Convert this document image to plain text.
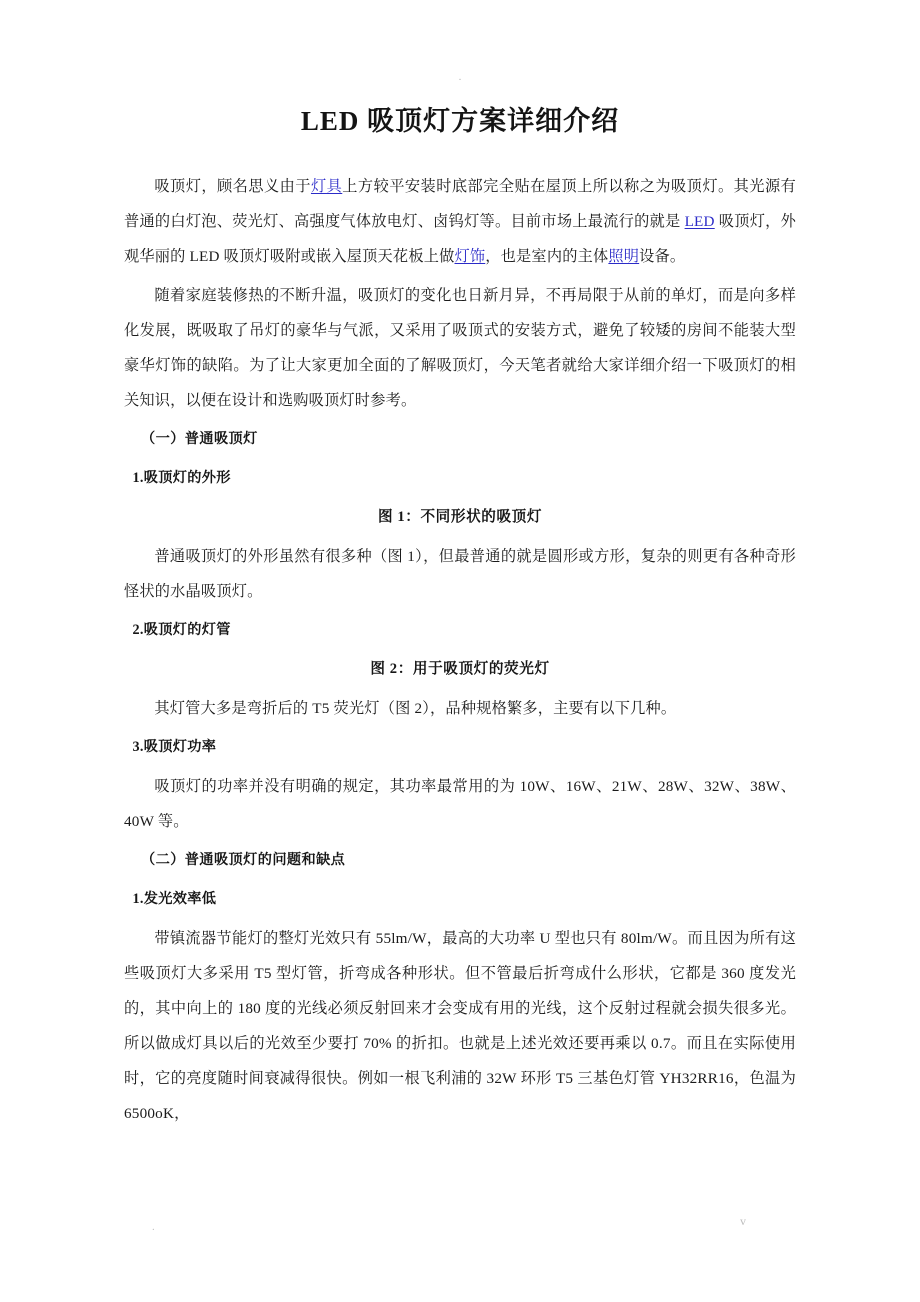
.
LED 吸顶灯方案详细介绍

吸顶灯，顾名思义由于灯具上方较平安装时底部完全贴在屋顶上所以称之为吸顶灯。其光源有普通的白灯泡、荧光灯、高强度气体放电灯、卤钨灯等。目前市场上最流行的就是 LED 吸顶灯，外观华丽的 LED 吸顶灯吸附或嵌入屋顶天花板上做灯饰，也是室内的主体照明设备。

随着家庭装修热的不断升温，吸顶灯的变化也日新月异，不再局限于从前的单灯，而是向多样化发展，既吸取了吊灯的豪华与气派，又采用了吸顶式的安装方式，避免了较矮的房间不能装大型豪华灯饰的缺陷。为了让大家更加全面的了解吸顶灯，今天笔者就给大家详细介绍一下吸顶灯的相关知识，以便在设计和选购吸顶灯时参考。

（一）普通吸顶灯

1.吸顶灯的外形

图 1：不同形状的吸顶灯

普通吸顶灯的外形虽然有很多种（图 1），但最普通的就是圆形或方形，复杂的则更有各种奇形怪状的水晶吸顶灯。

2.吸顶灯的灯管

图 2：用于吸顶灯的荧光灯

其灯管大多是弯折后的 T5 荧光灯（图 2），品种规格繁多，主要有以下几种。

3.吸顶灯功率

吸顶灯的功率并没有明确的规定，其功率最常用的为 10W、16W、21W、28W、32W、38W、40W 等。

（二）普通吸顶灯的问题和缺点

1.发光效率低

带镇流器节能灯的整灯光效只有 55lm/W，最高的大功率 U 型也只有 80lm/W。而且因为所有这些吸顶灯大多采用 T5 型灯管，折弯成各种形状。但不管最后折弯成什么形状，它都是 360 度发光的，其中向上的 180 度的光线必须反射回来才会变成有用的光线，这个反射过程就会损失很多光。所以做成灯具以后的光效至少要打 70% 的折扣。也就是上述光效还要再乘以 0.7。而且在实际使用时，它的亮度随时间衰减得很快。例如一根飞利浦的 32W 环形 T5 三基色灯管 YH32RR16，色温为 6500oK，

.	v
